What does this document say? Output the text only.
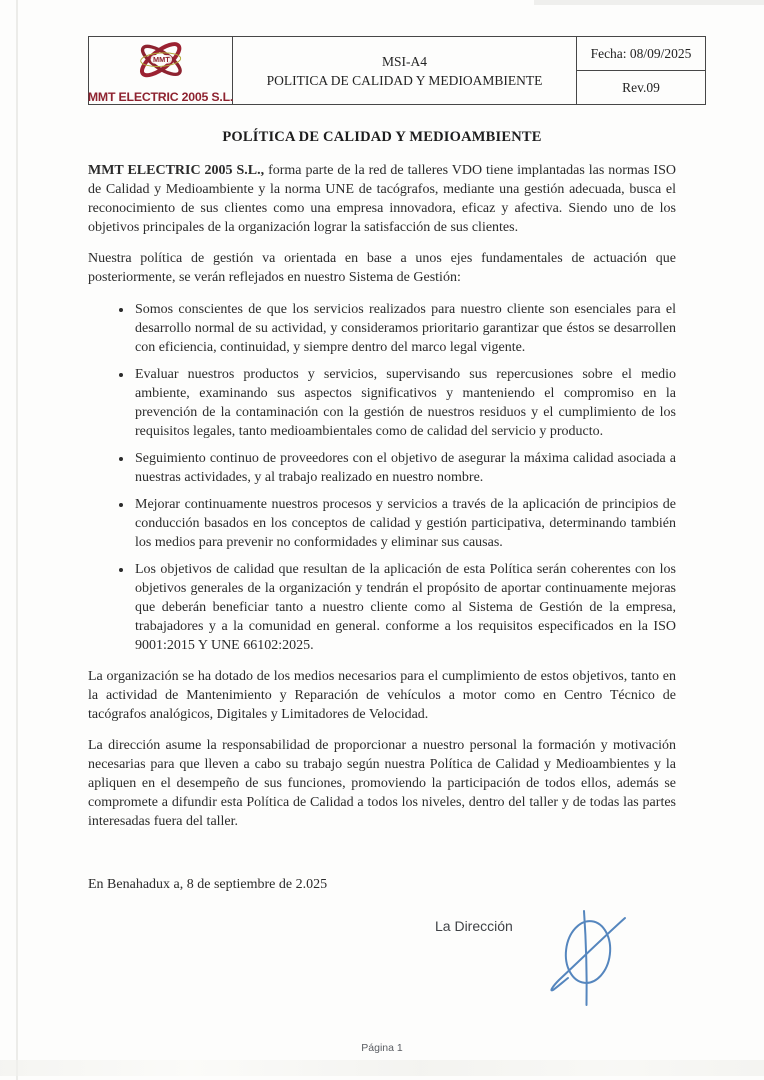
MMT
MMT ELECTRIC 2005 S.L.

MSI-A4
POLITICA DE CALIDAD Y MEDIOAMBIENTE
	Fecha: 08/09/2025
Rev.09
POLÍTICA DE CALIDAD Y MEDIOAMBIENTE

MMT ELECTRIC 2005 S.L., forma parte de la red de talleres VDO tiene implantadas las normas ISO de Calidad y Medioambiente y la norma UNE de tacógrafos, mediante una gestión adecuada, busca el reconocimiento de sus clientes como una empresa innovadora, eficaz y afectiva. Siendo uno de los objetivos principales de la organización lograr la satisfacción de sus clientes.

Nuestra política de gestión va orientada en base a unos ejes fundamentales de actuación que posteriormente, se verán reflejados en nuestro Sistema de Gestión:

• Somos conscientes de que los servicios realizados para nuestro cliente son esenciales para el desarrollo normal de su actividad, y consideramos prioritario garantizar que éstos se desarrollen con eficiencia, continuidad, y siempre dentro del marco legal vigente.
• Evaluar nuestros productos y servicios, supervisando sus repercusiones sobre el medio ambiente, examinando sus aspectos significativos y manteniendo el compromiso en la prevención de la contaminación con la gestión de nuestros residuos y el cumplimiento de los requisitos legales, tanto medioambientales como de calidad del servicio y producto.
• Seguimiento continuo de proveedores con el objetivo de asegurar la máxima calidad asociada a nuestras actividades, y al trabajo realizado en nuestro nombre.
• Mejorar continuamente nuestros procesos y servicios a través de la aplicación de principios de conducción basados en los conceptos de calidad y gestión participativa, determinando también los medios para prevenir no conformidades y eliminar sus causas.
• Los objetivos de calidad que resultan de la aplicación de esta Política serán coherentes con los objetivos generales de la organización y tendrán el propósito de aportar continuamente mejoras que deberán beneficiar tanto a nuestro cliente como al Sistema de Gestión de la empresa, trabajadores y a la comunidad en general. conforme a los requisitos especificados en la ISO 9001:2015 Y UNE 66102:2025.

La organización se ha dotado de los medios necesarios para el cumplimiento de estos objetivos, tanto en la actividad de Mantenimiento y Reparación de vehículos a motor como en Centro Técnico de tacógrafos analógicos, Digitales y Limitadores de Velocidad.

La dirección asume la responsabilidad de proporcionar a nuestro personal la formación y motivación necesarias para que lleven a cabo su trabajo según nuestra Política de Calidad y Medioambientes y la apliquen en el desempeño de sus funciones, promoviendo la participación de todos ellos, además se compromete a difundir esta Política de Calidad a todos los niveles, dentro del taller y de todas las partes interesadas fuera del taller.

En Benahadux a, 8 de septiembre de 2.025

La Dirección
Página 1
